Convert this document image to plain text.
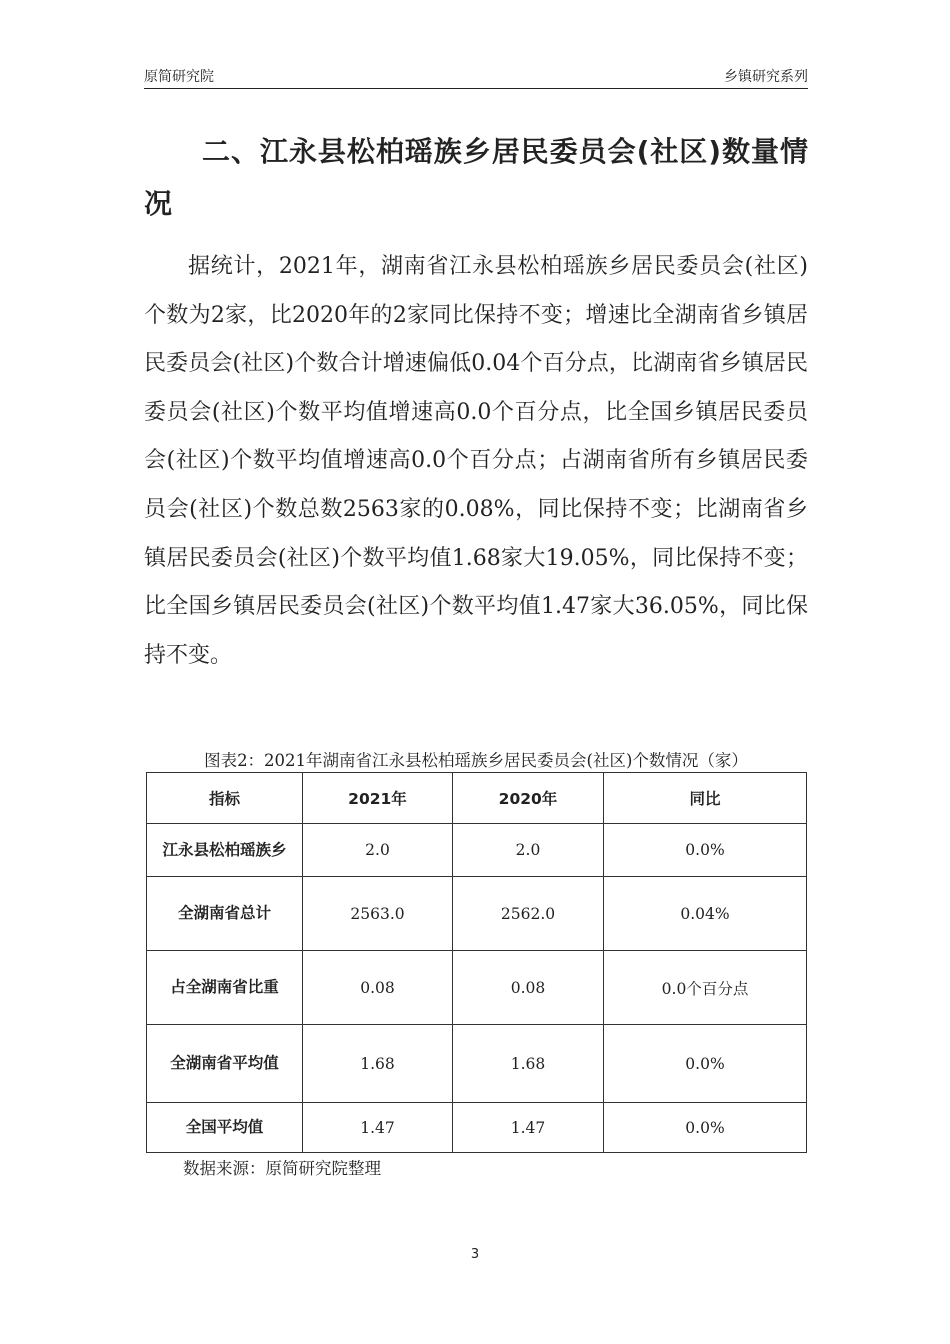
原简研究院	乡镇研究系列
二、江永县松柏瑶族乡居民委员会(社区)数量情况

据统计，2021年，湖南省江永县松柏瑶族乡居民委员会(社区)个数为2家，比2020年的2家同比保持不变；增速比全湖南省乡镇居民委员会(社区)个数合计增速偏低0.04个百分点，比湖南省乡镇居民委员会(社区)个数平均值增速高0.0个百分点，比全国乡镇居民委员会(社区)个数平均值增速高0.0个百分点；占湖南省所有乡镇居民委员会(社区)个数总数2563家的0.08%，同比保持不变；比湖南省乡镇居民委员会(社区)个数平均值1.68家大19.05%，同比保持不变；比全国乡镇居民委员会(社区)个数平均值1.47家大36.05%，同比保持不变。

图表2：2021年湖南省江永县松柏瑶族乡居民委员会(社区)个数情况（家）
指标	2021年	2020年	同比
江永县松柏瑶族乡	2.0	2.0	0.0%
全湖南省总计	2563.0	2562.0	0.04%
占全湖南省比重	0.08	0.08	0.0个百分点
全湖南省平均值	1.68	1.68	0.0%
全国平均值	1.47	1.47	0.0%
数据来源：原简研究院整理
3
